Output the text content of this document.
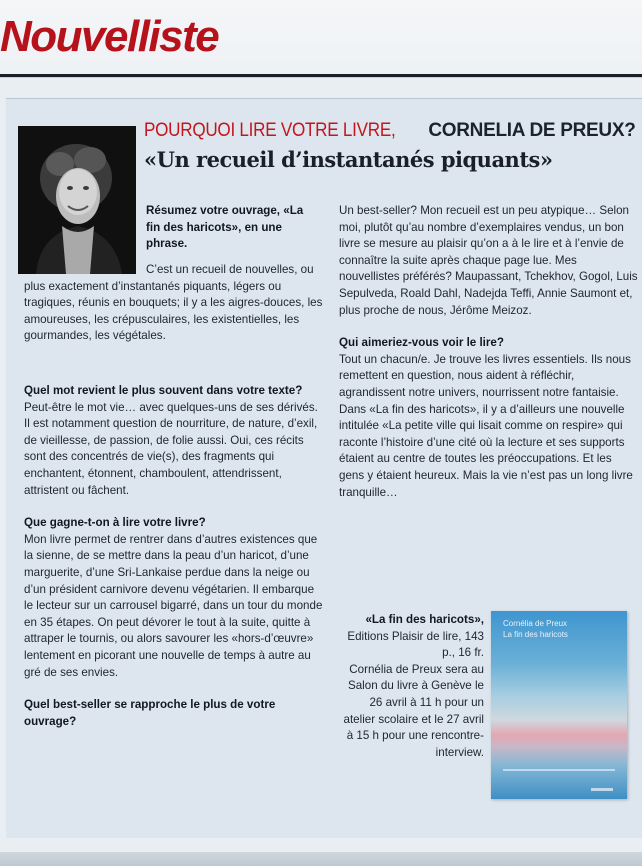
Nouvelliste
POURQUOI LIRE VOTRE LIVRE, CORNELIA DE PREUX?
«Un recueil d’instantanés piquants»

Résumez votre ouvrage, «La fin des haricots», en une phrase.

C’est un recueil de nouvelles, ou plus exactement d’instantanés piquants, légers ou tragiques, réunis en bouquets; il y a les aigres-douces, les amoureuses, les crépusculaires, les existentielles, les gourmandes, les végétales.

Quel mot revient le plus souvent dans votre texte?

Peut-être le mot vie… avec quelques-uns de ses dérivés. Il est notamment question de nourriture, de nature, d’exil, de vieillesse, de passion, de folie aussi. Oui, ces récits sont des concentrés de vie(s), des fragments qui enchantent, étonnent, chamboulent, attendrissent, attristent ou fâchent.

Que gagne-t-on à lire votre livre?

Mon livre permet de rentrer dans d’autres existences que la sienne, de se mettre dans la peau d’un haricot, d’une marguerite, d’une Sri-Lankaise perdue dans la neige ou d’un président carnivore devenu végétarien. Il embarque le lecteur sur un carrousel bigarré, dans un tour du monde en 35 étapes. On peut dévorer le tout à la suite, quitte à attraper le tournis, ou alors savourer les «hors-d’œuvre» lentement en picorant une nouvelle de temps à autre au gré de ses envies.

Quel best-seller se rapproche le plus de votre ouvrage?

Un best-seller? Mon recueil est un peu atypique… Selon moi, plutôt qu’au nombre d’exemplaires vendus, un bon livre se mesure au plaisir qu’on a à le lire et à l’envie de connaître la suite après chaque page lue. Mes nouvellistes préférés? Maupassant, Tchekhov, Gogol, Luis Sepulveda, Roald Dahl, Nadejda Teffi, Annie Saumont et, plus proche de nous, Jérôme Meizoz.

Qui aimeriez-vous voir le lire?

Tout un chacun/e. Je trouve les livres essentiels. Ils nous remettent en question, nous aident à réfléchir, agrandissent notre univers, nourrissent notre fantaisie. Dans «La fin des haricots», il y a d’ailleurs une nouvelle intitulée «La petite ville qui lisait comme on respire» qui raconte l’histoire d’une cité où la lecture et ses supports étaient au centre de toutes les préoccupations. Et les gens y étaient heureux. Mais la vie n’est pas un long livre tranquille…

«La fin des haricots»,

Editions Plaisir de lire, 143 p., 16 fr.

Cornélia de Preux sera au Salon du livre à Genève le 26 avril à 11 h pour un atelier scolaire et le 27 avril à 15 h pour une rencontre-interview.

Cornélia de Preux
La fin des haricots
